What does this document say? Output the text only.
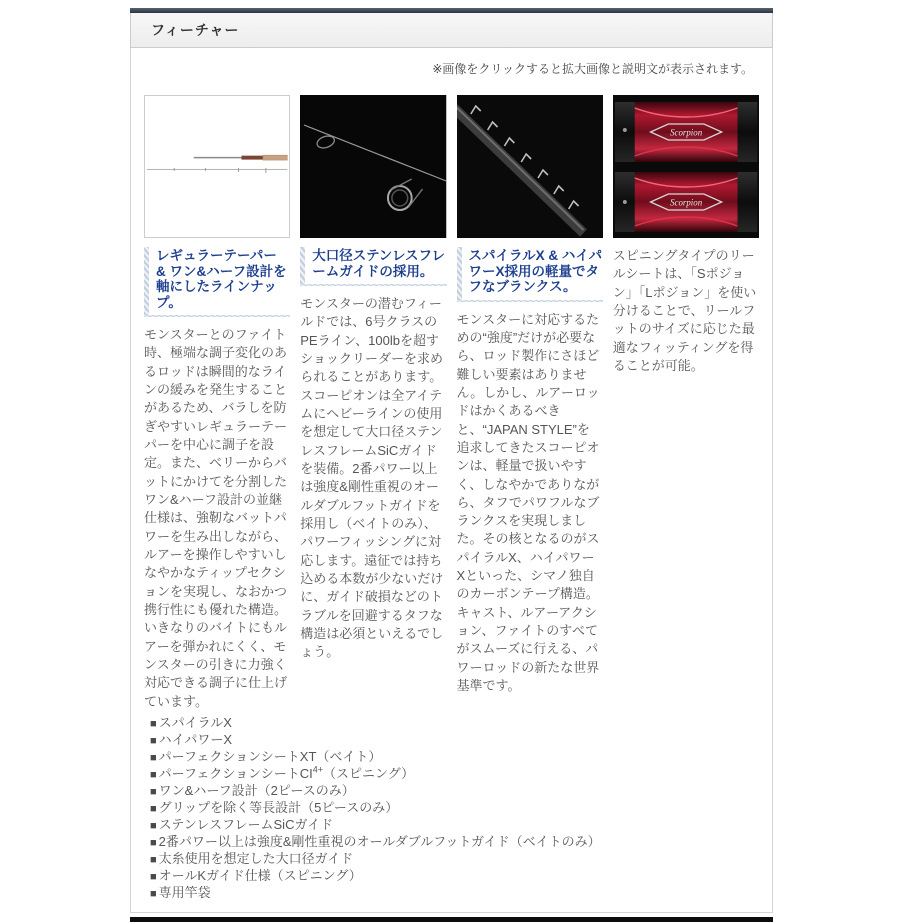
フィーチャー
※画像をクリックすると拡大画像と説明文が表示されます。
レギュラーテーパー & ワン&ハーフ設計を軸にしたラインナップ。

モンスターとのファイト時、極端な調子変化のあるロッドは瞬間的なラインの緩みを発生することがあるため、バラしを防ぎやすいレギュラーテーパーを中心に調子を設定。また、ベリーからバットにかけてを分割したワン&ハーフ設計の並継仕様は、強靭なバットパワーを生み出しながら、ルアーを操作しやすいしなやかなティップセクションを実現し、なおかつ携行性にも優れた構造。いきなりのバイトにもルアーを弾かれにくく、モンスターの引きに力強く対応できる調子に仕上げています。

大口径ステンレスフレームガイドの採用。

モンスターの潜むフィールドでは、6号クラスのPEライン、100lbを超すショックリーダーを求められることがあります。スコーピオンは全アイテムにヘビーラインの使用を想定して大口径ステンレスフレームSiCガイドを装備。2番パワー以上は強度&剛性重視のオールダブルフットガイドを採用し（ベイトのみ）、パワーフィッシングに対応します。遠征では持ち込める本数が少ないだけに、ガイド破損などのトラブルを回避するタフな構造は必須といえるでしょう。

スパイラルX & ハイパワーX採用の軽量でタフなブランクス。

モンスターに対応するための“強度”だけが必要なら、ロッド製作にさほど難しい要素はありません。しかし、ルアーロッドはかくあるべきと、“JAPAN STYLE”を追求してきたスコーピオンは、軽量で扱いやすく、しなやかでありながら、タフでパワフルなブランクスを実現しました。その核となるのがスパイラルX、ハイパワーXといった、シマノ独自のカーボンテープ構造。キャスト、ルアーアクション、ファイトのすべてがスムーズに行える、パワーロッドの新たな世界基準です。

Scorpion
Scorpion

スピニングタイプのリールシートは、「Sポジョン」「Lポジョン」を使い分けることで、リールフットのサイズに応じた最適なフィッティングを得ることが可能。

■ スパイラルX
■ ハイパワーX
■ パーフェクションシートXT（ベイト）
■ パーフェクションシート$CI^{4+}$（スピニング）
■ ワン&ハーフ設計（2ピースのみ）
■ グリップを除く等長設計（5ピースのみ）
■ ステンレスフレームSiCガイド
■ 2番パワー以上は強度&剛性重視のオールダブルフットガイド（ベイトのみ）
■ 太糸使用を想定した大口径ガイド
■ オールKガイド仕様（スピニング）
■ 専用竿袋
